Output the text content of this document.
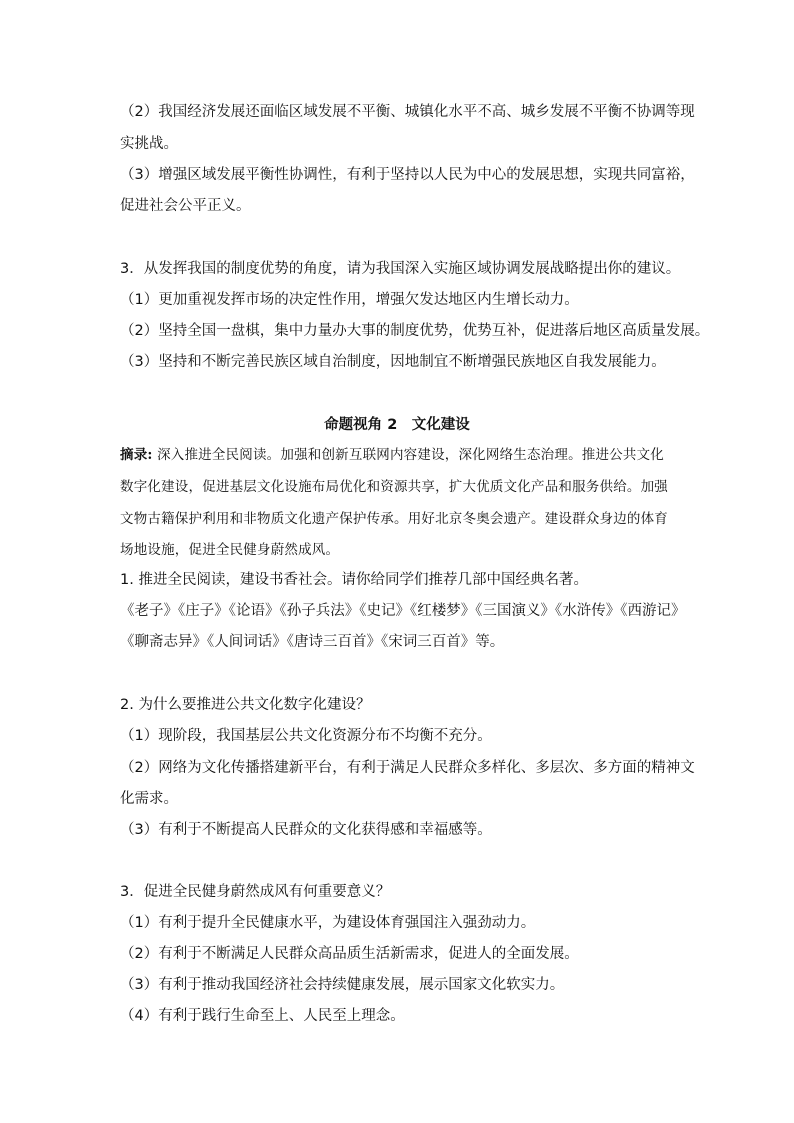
（2）我国经济发展还面临区域发展不平衡、城镇化水平不高、城乡发展不平衡不协调等现
实挑战。
（3）增强区域发展平衡性协调性，有利于坚持以人民为中心的发展思想，实现共同富裕，
促进社会公平正义。
3．从发挥我国的制度优势的角度，请为我国深入实施区域协调发展战略提出你的建议。
（1）更加重视发挥市场的决定性作用，增强欠发达地区内生增长动力。
（2）坚持全国一盘棋，集中力量办大事的制度优势，优势互补，促进落后地区高质量发展。
（3）坚持和不断完善民族区域自治制度，因地制宜不断增强民族地区自我发展能力。
命题视角 2　文化建设
摘录: 深入推进全民阅读。加强和创新互联网内容建设，深化网络生态治理。推进公共文化
数字化建设，促进基层文化设施布局优化和资源共享，扩大优质文化产品和服务供给。加强
文物古籍保护利用和非物质文化遗产保护传承。用好北京冬奥会遗产。建设群众身边的体育
场地设施，促进全民健身蔚然成风。
1. 推进全民阅读，建设书香社会。请你给同学们推荐几部中国经典名著。
《老子》《庄子》《论语》《孙子兵法》《史记》《红楼梦》《三国演义》《水浒传》《西游记》
《聊斋志异》《人间词话》《唐诗三百首》《宋词三百首》等。
2. 为什么要推进公共文化数字化建设？
（1）现阶段，我国基层公共文化资源分布不均衡不充分。
（2）网络为文化传播搭建新平台，有利于满足人民群众多样化、多层次、多方面的精神文
化需求。
（3）有利于不断提高人民群众的文化获得感和幸福感等。
3．促进全民健身蔚然成风有何重要意义？
（1）有利于提升全民健康水平，为建设体育强国注入强劲动力。
（2）有利于不断满足人民群众高品质生活新需求，促进人的全面发展。
（3）有利于推动我国经济社会持续健康发展，展示国家文化软实力。
（4）有利于践行生命至上、人民至上理念。
